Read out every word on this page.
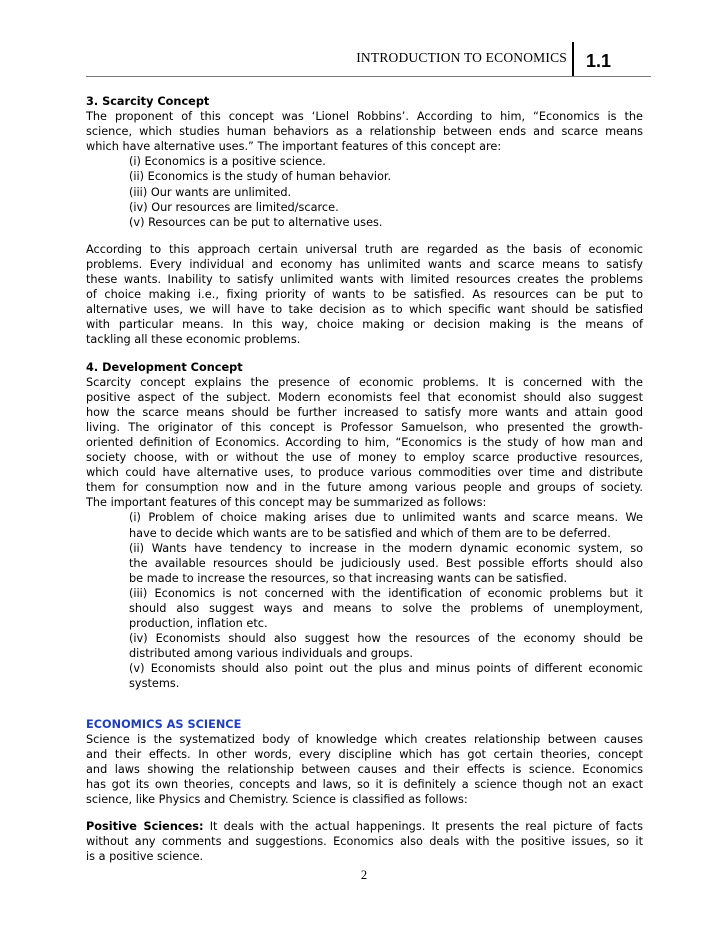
INTRODUCTION TO ECONOMICS 1.1

3. Scarcity Concept

The proponent of this concept was ‘Lionel Robbins’. According to him, “Economics is the
science, which studies human behaviors as a relationship between ends and scarce means
which have alternative uses.” The important features of this concept are:

(i) Economics is a positive science.

(ii) Economics is the study of human behavior.

(iii) Our wants are unlimited.

(iv) Our resources are limited/scarce.

(v) Resources can be put to alternative uses.

According to this approach certain universal truth are regarded as the basis of economic
problems. Every individual and economy has unlimited wants and scarce means to satisfy
these wants. Inability to satisfy unlimited wants with limited resources creates the problems
of choice making i.e., fixing priority of wants to be satisfied. As resources can be put to
alternative uses, we will have to take decision as to which specific want should be satisfied
with particular means. In this way, choice making or decision making is the means of
tackling all these economic problems.

4. Development Concept

Scarcity concept explains the presence of economic problems. It is concerned with the
positive aspect of the subject. Modern economists feel that economist should also suggest
how the scarce means should be further increased to satisfy more wants and attain good
living. The originator of this concept is Professor Samuelson, who presented the growth-
oriented definition of Economics. According to him, “Economics is the study of how man and
society choose, with or without the use of money to employ scarce productive resources,
which could have alternative uses, to produce various commodities over time and distribute
them for consumption now and in the future among various people and groups of society.
The important features of this concept may be summarized as follows:
(i) Problem of choice making arises due to unlimited wants and scarce means. We
have to decide which wants are to be satisfied and which of them are to be deferred.
(ii) Wants have tendency to increase in the modern dynamic economic system, so
the available resources should be judiciously used. Best possible efforts should also
be made to increase the resources, so that increasing wants can be satisfied.
(iii) Economics is not concerned with the identification of economic problems but it
should also suggest ways and means to solve the problems of unemployment,
production, inflation etc.
(iv) Economists should also suggest how the resources of the economy should be
distributed among various individuals and groups.
(v) Economists should also point out the plus and minus points of different economic
systems.

ECONOMICS AS SCIENCE

Science is the systematized body of knowledge which creates relationship between causes
and their effects. In other words, every discipline which has got certain theories, concept
and laws showing the relationship between causes and their effects is science. Economics
has got its own theories, concepts and laws, so it is definitely a science though not an exact
science, like Physics and Chemistry. Science is classified as follows:
Positive Sciences: It deals with the actual happenings. It presents the real picture of facts
without any comments and suggestions. Economics also deals with the positive issues, so it
is a positive science.
2
